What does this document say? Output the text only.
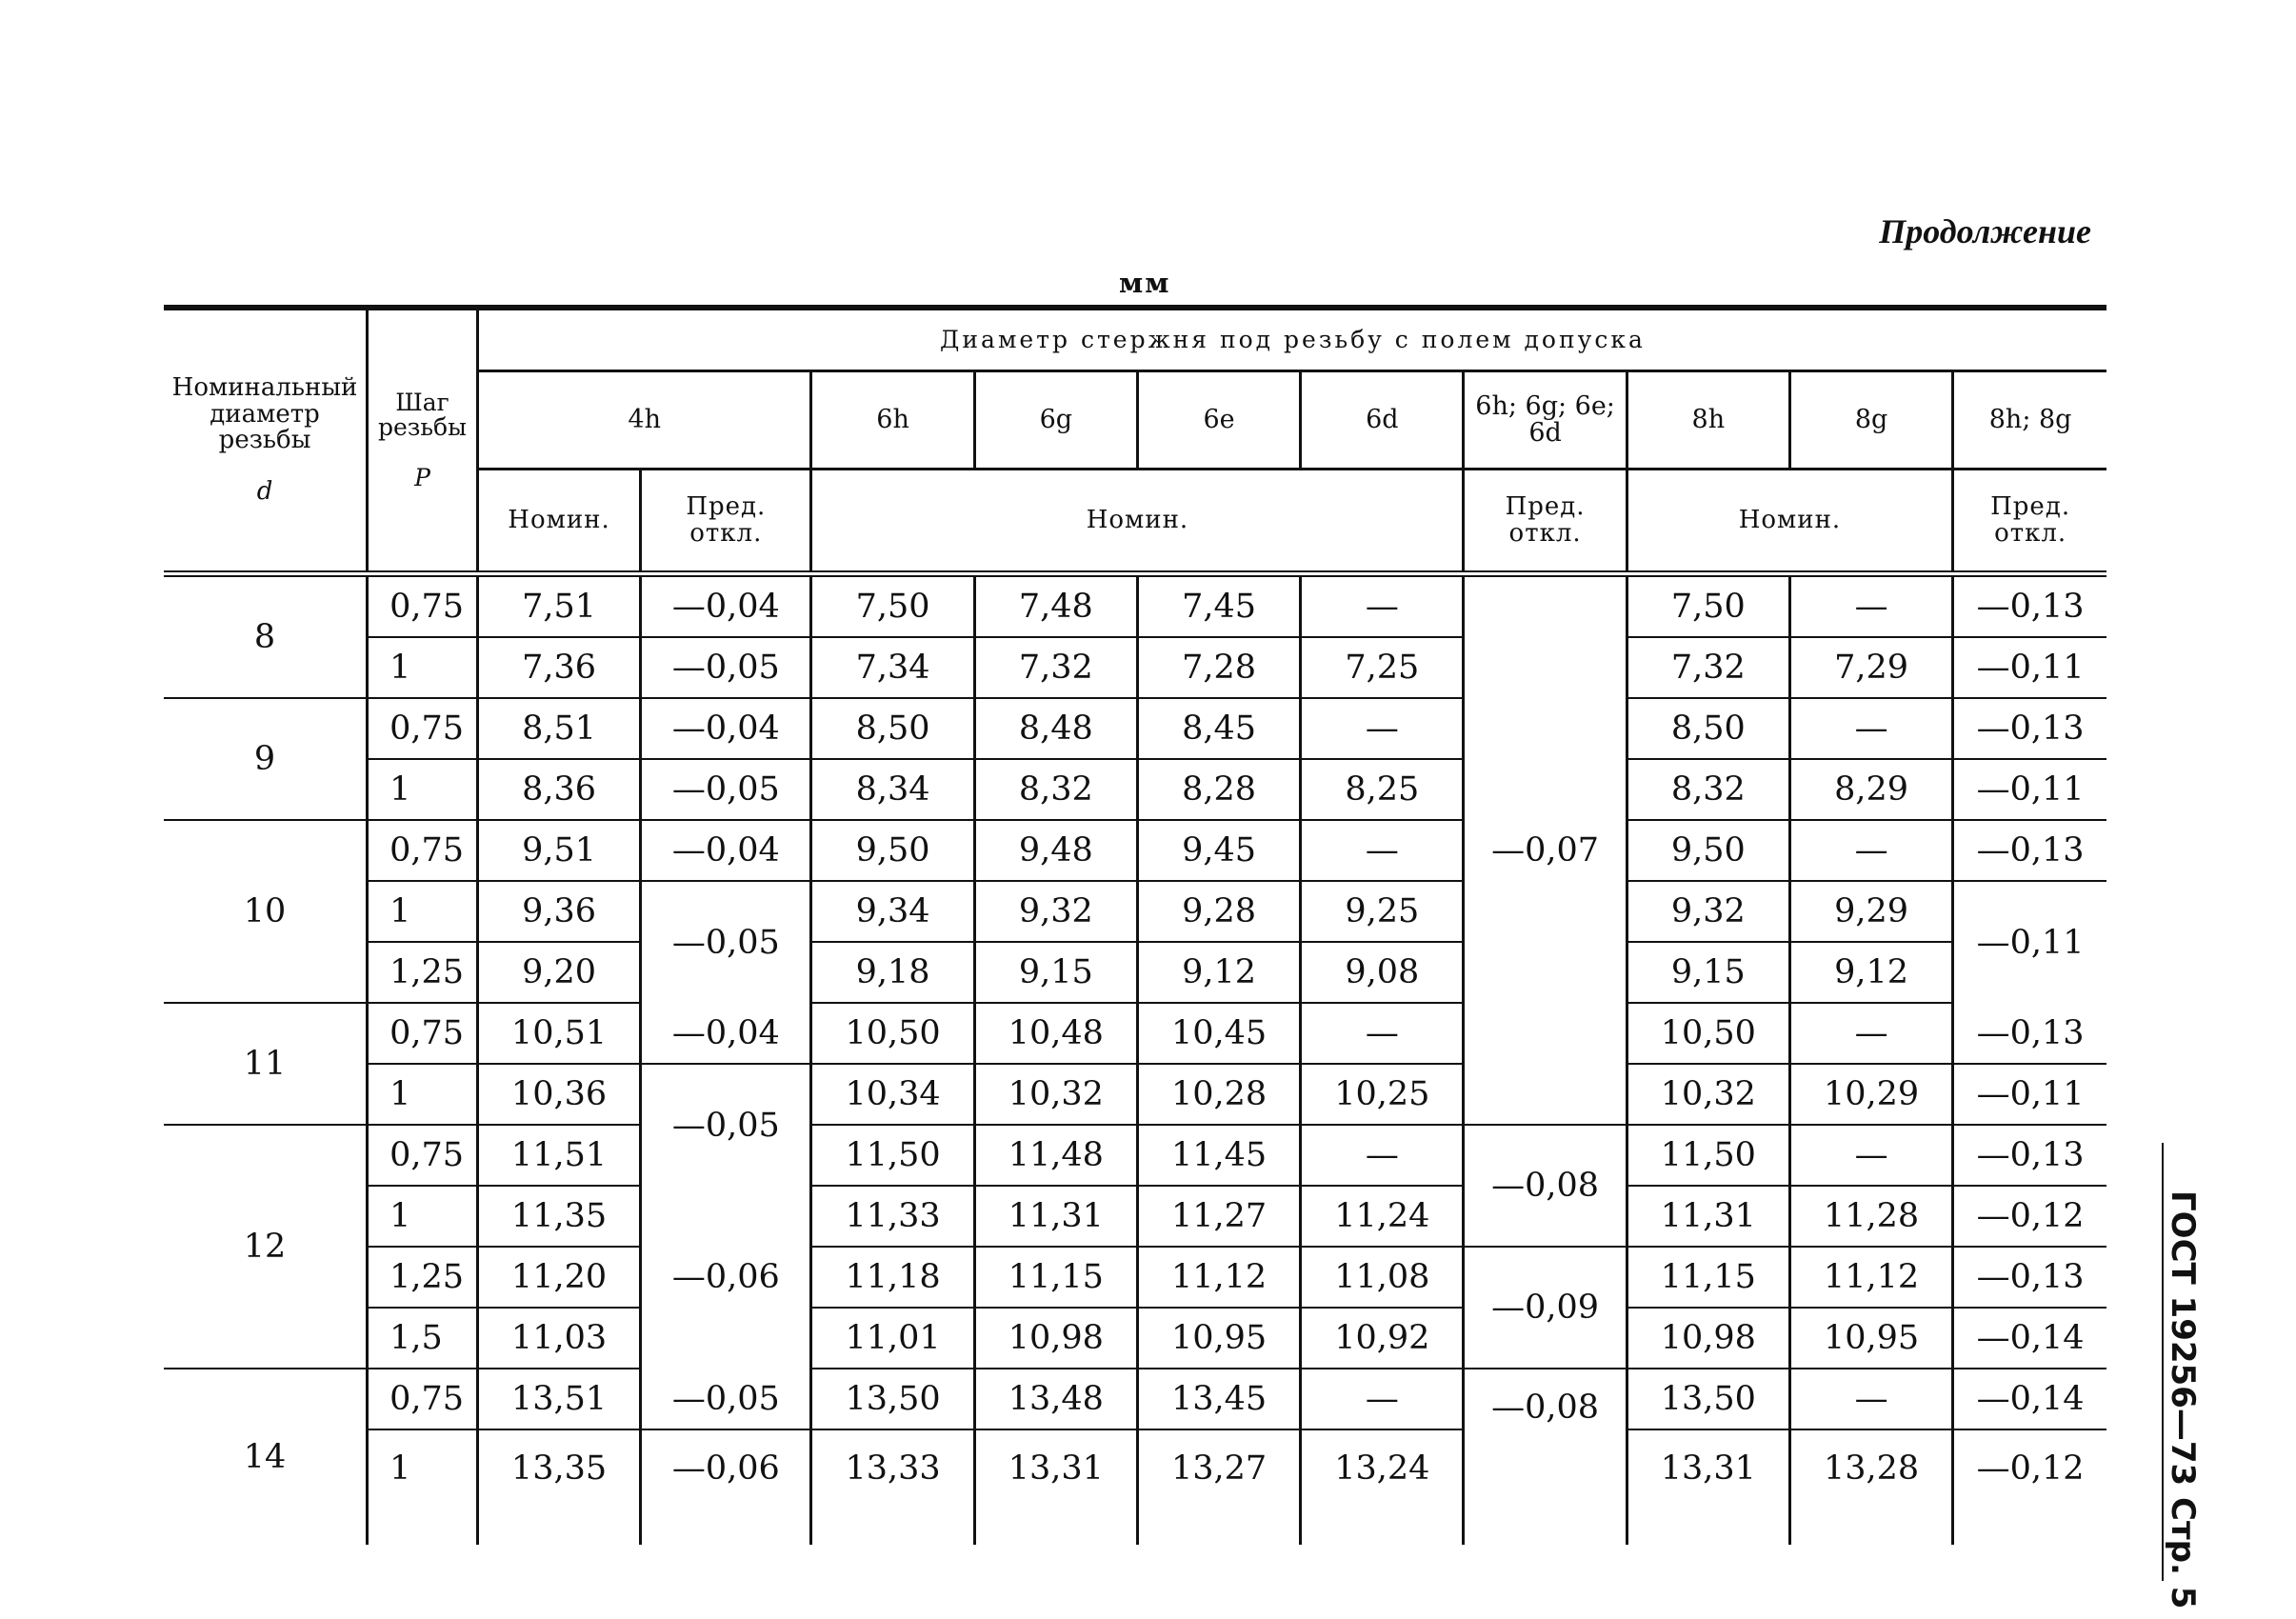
Продолжение
мм
Номинальный диаметр резьбы

d	Шаг резьбы

P	Диаметр стержня под резьбу с полем допуска									
		4h		6h	6g	6e	6d	6h; 6g; 6e; 6d	8h	8g	8h; 8g
		Номин.	Пред. откл.	Номин.				Пред. откл.	Номин.		Пред. откл.
8	0,75	7,51	—0,04	7,50	7,48	7,45	—	—0,07	7,50	—	—0,13
	1	7,36	—0,05	7,34	7,32	7,28	7,25		7,32	7,29	—0,11
9	0,75	8,51	—0,04	8,50	8,48	8,45	—		8,50	—	—0,13
	1	8,36	—0,05	8,34	8,32	8,28	8,25		8,32	8,29	—0,11
10	0,75	9,51	—0,04	9,50	9,48	9,45	—		9,50	—	—0,13
	1	9,36	—0,05	9,34	9,32	9,28	9,25		9,32	9,29	—0,11
	1,25	9,20		9,18	9,15	9,12	9,08		9,15	9,12	
11	0,75	10,51	—0,04	10,50	10,48	10,45	—		10,50	—	—0,13
	1	10,36	—0,05	10,34	10,32	10,28	10,25		10,32	10,29	—0,11
12	0,75	11,51		11,50	11,48	11,45	—	—0,08	11,50	—	—0,13
	1	11,35	—0,06	11,33	11,31	11,27	11,24		11,31	11,28	—0,12
	1,25	11,20		11,18	11,15	11,12	11,08	—0,09	11,15	11,12	—0,13
	1,5	11,03		11,01	10,98	10,95	10,92		10,98	10,95	—0,14
14	0,75	13,51	—0,05	13,50	13,48	13,45	—	—0,08	13,50	—	—0,14
	1	13,35	—0,06	13,33	13,31	13,27	13,24		13,31	13,28	—0,12 ГОСТ 19256—73 Стр. 5
